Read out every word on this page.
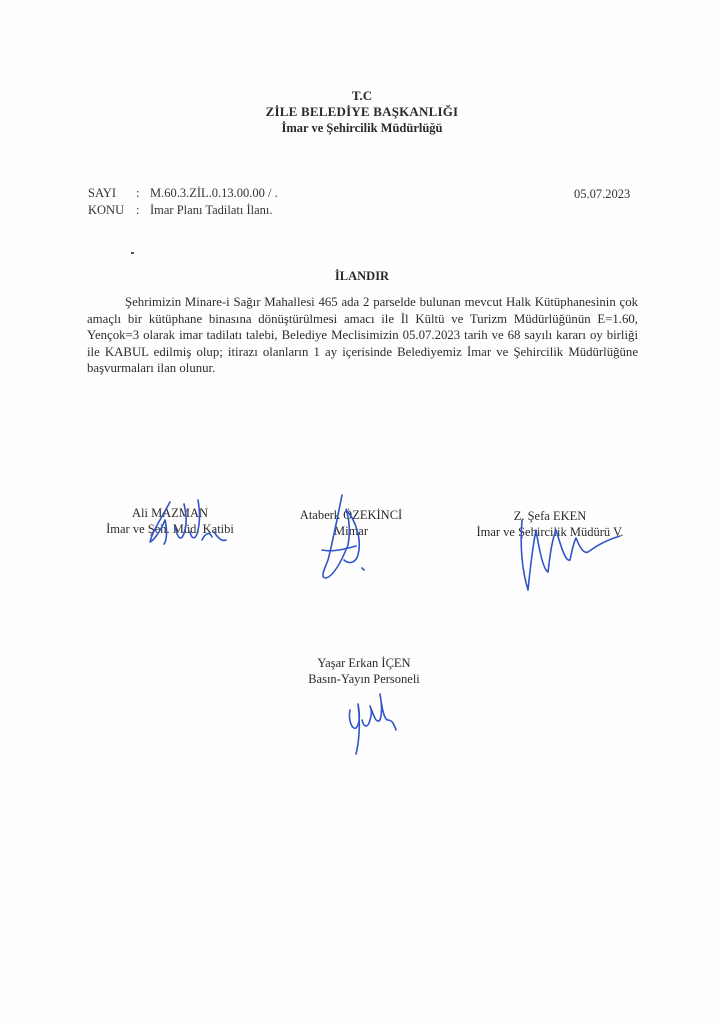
T.C
ZİLE BELEDİYE BAŞKANLIĞI
İmar ve Şehircilik Müdürlüğü
SAYI	: M.60.3.ZİL.0.13.00.00 / .
KONU : İmar Planı Tadilatı İlanı.
05.07.2023
İLANDIR
Şehrimizin Minare-i Sağır Mahallesi 465 ada 2 parselde bulunan mevcut Halk Kütüphanesinin çok amaçlı bir kütüphane binasına dönüştürülmesi amacı ile İl Kültü ve Turizm Müdürlüğünün E=1.60, Yençok=3 olarak imar tadilatı talebi, Belediye Meclisimizin 05.07.2023 tarih ve 68 sayılı kararı oy birliği ile KABUL edilmiş olup; itirazı olanların 1 ay içerisinde Belediyemiz İmar ve Şehircilik Müdürlüğüne başvurmaları ilan olunur.
Ali MAZMAN
İmar ve Şeh. Müd. Katibi
Ataberk ÖZEKİNCİ
Mimar
Z. Şefa EKEN
İmar ve Şehircilik Müdürü V.
Yaşar Erkan İÇEN
Basın-Yayın Personeli
